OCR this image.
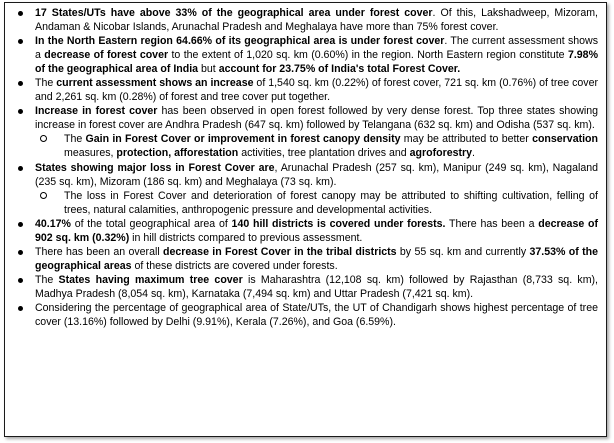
17 States/UTs have above 33% of the geographical area under forest cover. Of this, Lakshadweep, Mizoram, Andaman & Nicobar Islands, Arunachal Pradesh and Meghalaya have more than 75% forest cover.
In the North Eastern region 64.66% of its geographical area is under forest cover. The current assessment shows a decrease of forest cover to the extent of 1,020 sq. km (0.60%) in the region. North Eastern region constitute 7.98% of the geographical area of India but account for 23.75% of India's total Forest Cover.
The current assessment shows an increase of 1,540 sq. km (0.22%) of forest cover, 721 sq. km (0.76%) of tree cover and 2,261 sq. km (0.28%) of forest and tree cover put together.
Increase in forest cover has been observed in open forest followed by very dense forest. Top three states showing increase in forest cover are Andhra Pradesh (647 sq. km) followed by Telangana (632 sq. km) and Odisha (537 sq. km).
The Gain in Forest Cover or improvement in forest canopy density may be attributed to better conservation measures, protection, afforestation activities, tree plantation drives and agroforestry.
States showing major loss in Forest Cover are, Arunachal Pradesh (257 sq. km), Manipur (249 sq. km), Nagaland (235 sq. km), Mizoram (186 sq. km) and Meghalaya (73 sq. km).
The loss in Forest Cover and deterioration of forest canopy may be attributed to shifting cultivation, felling of trees, natural calamities, anthropogenic pressure and developmental activities.
40.17% of the total geographical area of 140 hill districts is covered under forests. There has been a decrease of 902 sq. km (0.32%) in hill districts compared to previous assessment.
There has been an overall decrease in Forest Cover in the tribal districts by 55 sq. km and currently 37.53% of the geographical areas of these districts are covered under forests.
The States having maximum tree cover is Maharashtra (12,108 sq. km) followed by Rajasthan (8,733 sq. km), Madhya Pradesh (8,054 sq. km), Karnataka (7,494 sq. km) and Uttar Pradesh (7,421 sq. km).
Considering the percentage of geographical area of State/UTs, the UT of Chandigarh shows highest percentage of tree cover (13.16%) followed by Delhi (9.91%), Kerala (7.26%), and Goa (6.59%).
